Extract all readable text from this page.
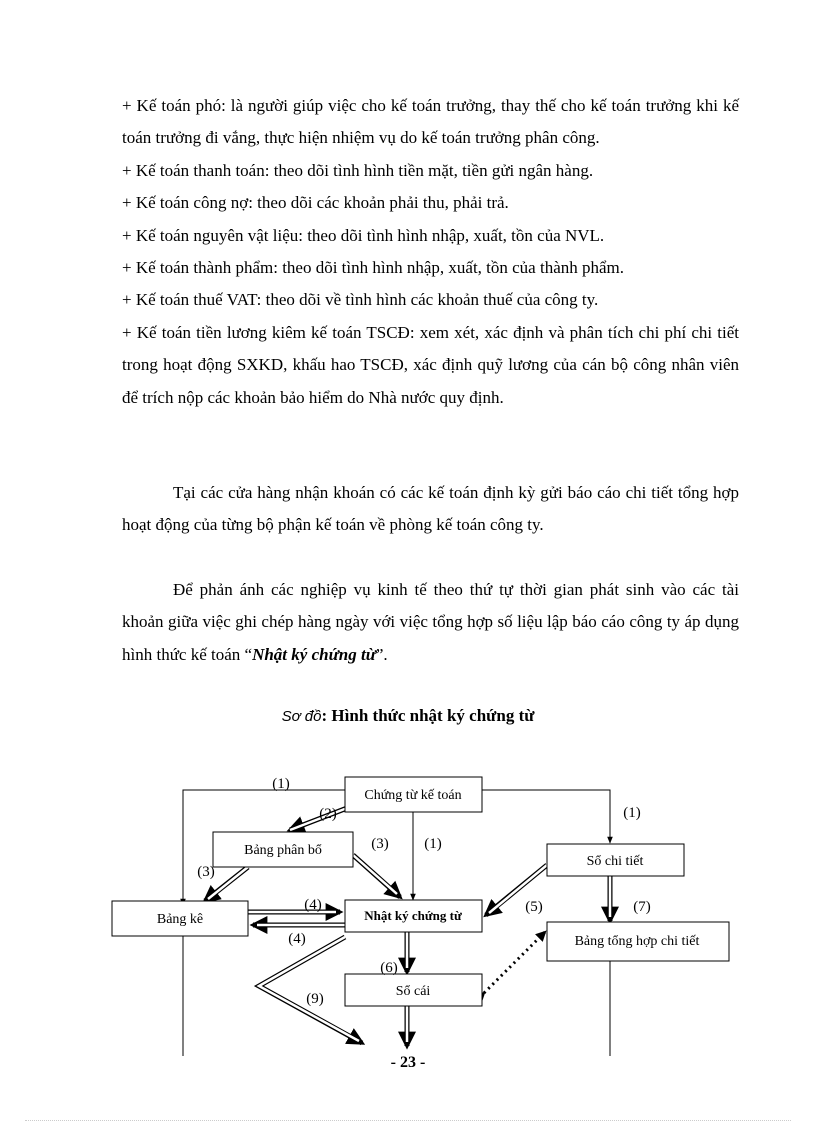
+ Kế toán phó: là người giúp việc cho kế toán trưởng, thay thế cho kế toán trưởng khi kế toán trưởng đi vắng, thực hiện nhiệm vụ do kế toán trưởng phân công.

+ Kế toán thanh toán: theo dõi tình hình tiền mặt, tiền gửi ngân hàng.

+ Kế toán công nợ: theo dõi các khoản phải thu, phải trả.

+ Kế toán nguyên vật liệu: theo dõi tình hình nhập, xuất, tồn của NVL.

+ Kế toán thành phẩm: theo dõi tình hình nhập, xuất, tồn của thành phẩm.

+ Kế toán thuế VAT: theo dõi về tình hình các khoản thuế của công ty.

+ Kế toán tiền lương kiêm kế toán TSCĐ: xem xét, xác định và phân tích chi phí chi tiết trong hoạt động SXKD, khấu hao TSCĐ, xác định quỹ lương của cán bộ công nhân viên để trích nộp các khoản bảo hiểm do Nhà nước quy định.

Tại các cửa hàng nhận khoán có các kế toán định kỳ gửi báo cáo chi tiết tổng hợp hoạt động của từng bộ phận kế toán về phòng kế toán công ty.

Để phản ánh các nghiệp vụ kinh tế theo thứ tự thời gian phát sinh vào các tài khoản giữa việc ghi chép hàng ngày với việc tổng hợp số liệu lập báo cáo công ty áp dụng hình thức kế toán “Nhật ký chứng từ”.

Sơ đồ: Hình thức nhật ký chứng từ
Chứng từ kế toán
Bảng phân bổ
Sổ chi tiết
Bảng kê	Nhật ký chứng từ
Bảng tổng hợp chi tiết
Sổ cái
(1)
(2)
(1)
(1)
(3)
(3)
(4)
(4)
(5)	(7)
(6)
(9)
- 23 -
